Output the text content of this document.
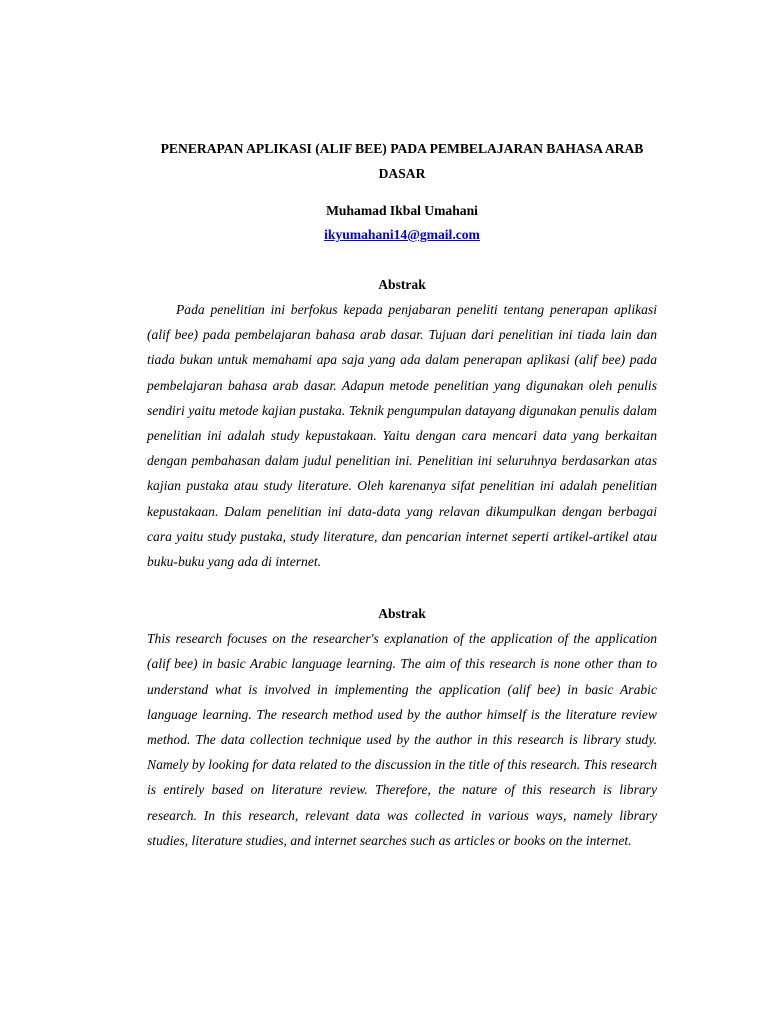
PENERAPAN APLIKASI (ALIF BEE) PADA PEMBELAJARAN BAHASA ARAB DASAR

Muhamad Ikbal Umahani

ikyumahani14@gmail.com

Abstrak

Pada penelitian ini berfokus kepada penjabaran peneliti tentang penerapan aplikasi (alif bee) pada pembelajaran bahasa arab dasar. Tujuan dari penelitian ini tiada lain dan tiada bukan untuk memahami apa saja yang ada dalam penerapan aplikasi (alif bee) pada pembelajaran bahasa arab dasar. Adapun metode penelitian yang digunakan oleh penulis sendiri yaitu metode kajian pustaka. Teknik pengumpulan datayang digunakan penulis dalam penelitian ini adalah study kepustakaan. Yaitu dengan cara mencari data yang berkaitan dengan pembahasan dalam judul penelitian ini. Penelitian ini seluruhnya berdasarkan atas kajian pustaka atau study literature. Oleh karenanya sifat penelitian ini adalah penelitian kepustakaan. Dalam penelitian ini data-data yang relavan dikumpulkan dengan berbagai cara yaitu study pustaka, study literature, dan pencarian internet seperti artikel-artikel atau buku-buku yang ada di internet.

Abstrak

This research focuses on the researcher's explanation of the application of the application (alif bee) in basic Arabic language learning. The aim of this research is none other than to understand what is involved in implementing the application (alif bee) in basic Arabic language learning. The research method used by the author himself is the literature review method. The data collection technique used by the author in this research is library study. Namely by looking for data related to the discussion in the title of this research. This research is entirely based on literature review. Therefore, the nature of this research is library research. In this research, relevant data was collected in various ways, namely library studies, literature studies, and internet searches such as articles or books on the internet.
